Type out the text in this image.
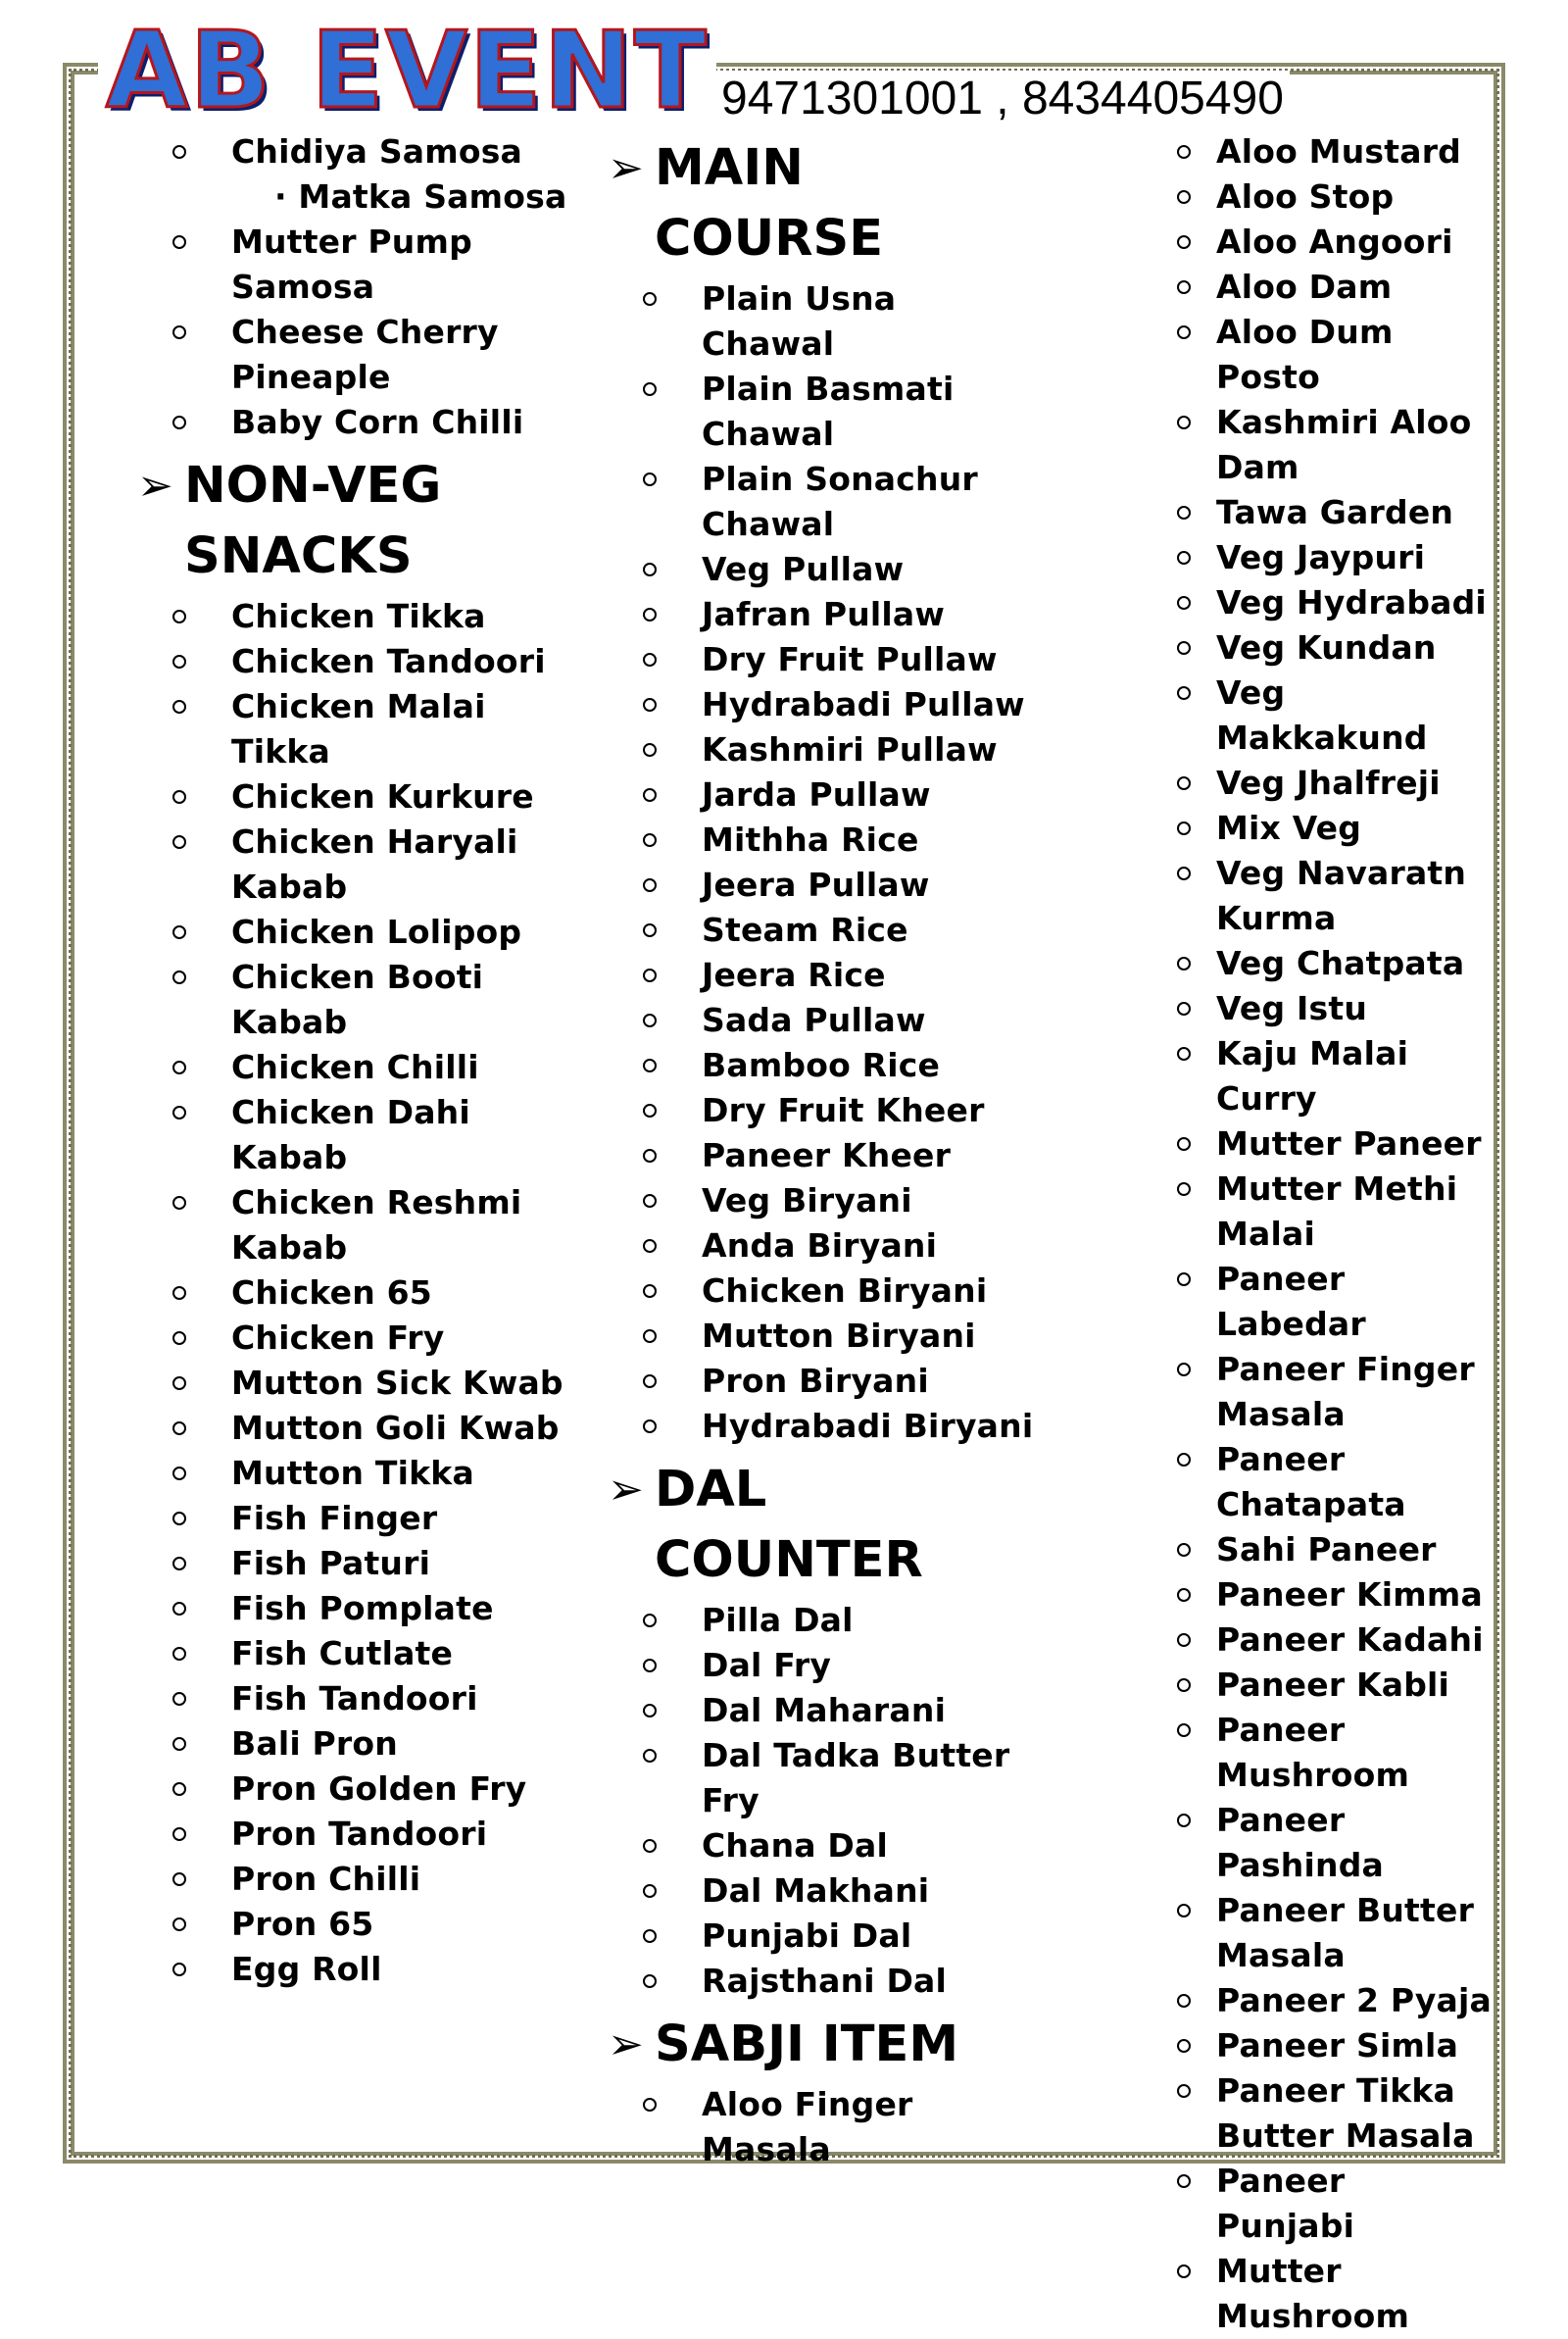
AB EVENT 9471301001 , 8434405490
Chidiya Samosa
· Matka Samosa
Mutter Pump Samosa
Cheese Cherry Pineaple
Baby Corn Chilli
➢ NON-VEG SNACKS
Chicken Tikka
Chicken Tandoori
Chicken Malai Tikka
Chicken Kurkure
Chicken Haryali Kabab
Chicken Lolipop
Chicken Booti Kabab
Chicken Chilli
Chicken Dahi Kabab
Chicken Reshmi Kabab
Chicken 65
Chicken Fry
Mutton Sick Kwab
Mutton Goli Kwab
Mutton Tikka
Fish Finger
Fish Paturi
Fish Pomplate
Fish Cutlate
Fish Tandoori
Bali Pron
Pron Golden Fry
Pron Tandoori
Pron Chilli
Pron 65
Egg Roll
➢ MAIN COURSE
Plain Usna Chawal
Plain Basmati Chawal
Plain Sonachur Chawal
Veg Pullaw
Jafran Pullaw
Dry Fruit Pullaw
Hydrabadi Pullaw
Kashmiri Pullaw
Jarda Pullaw
Mithha Rice
Jeera Pullaw
Steam Rice
Jeera Rice
Sada Pullaw
Bamboo Rice
Dry Fruit Kheer
Paneer Kheer
Veg Biryani
Anda Biryani
Chicken Biryani
Mutton Biryani
Pron Biryani
Hydrabadi Biryani
➢ DAL COUNTER
Pilla Dal
Dal Fry
Dal Maharani
Dal Tadka Butter Fry
Chana Dal
Dal Makhani
Punjabi Dal
Rajsthani Dal
➢ SABJI ITEM
Aloo Finger Masala
Aloo Mustard
Aloo Stop
Aloo Angoori
Aloo Dam
Aloo Dum Posto
Kashmiri Aloo Dam
Tawa Garden
Veg Jaypuri
Veg Hydrabadi
Veg Kundan
Veg Makkakund
Veg Jhalfreji
Mix Veg
Veg Navaratn Kurma
Veg Chatpata
Veg Istu
Kaju Malai Curry
Mutter Paneer
Mutter Methi Malai
Paneer Labedar
Paneer Finger Masala
Paneer Chatapata
Sahi Paneer
Paneer Kimma
Paneer Kadahi
Paneer Kabli
Paneer Mushroom
Paneer Pashinda
Paneer Butter Masala
Paneer 2 Pyaja
Paneer Simla
Paneer Tikka Butter Masala
Paneer Punjabi
Mutter Mushroom
